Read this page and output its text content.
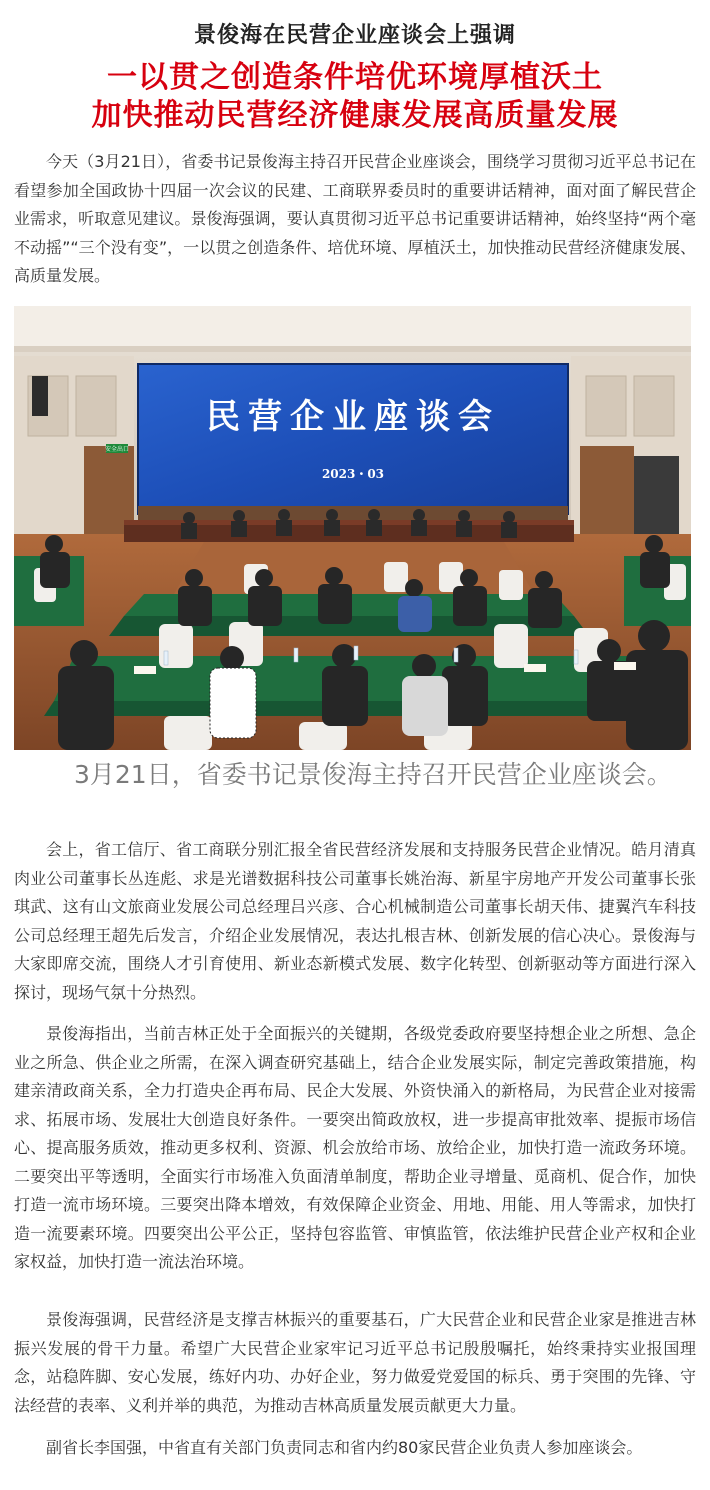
景俊海在民营企业座谈会上强调
一以贯之创造条件培优环境厚植沃土
加快推动民营经济健康发展高质量发展

今天（3月21日），省委书记景俊海主持召开民营企业座谈会，围绕学习贯彻习近平总书记在看望参加全国政协十四届一次会议的民建、工商联界委员时的重要讲话精神，面对面了解民营企业需求，听取意见建议。景俊海强调，要认真贯彻习近平总书记重要讲话精神，始终坚持“两个毫不动摇”“三个没有变”，一以贯之创造条件、培优环境、厚植沃土，加快推动民营经济健康发展、高质量发展。

安全出口
民营企业座谈会
2023・03

3月21日，省委书记景俊海主持召开民营企业座谈会。

会上，省工信厅、省工商联分别汇报全省民营经济发展和支持服务民营企业情况。皓月清真肉业公司董事长丛连彪、求是光谱数据科技公司董事长姚治海、新星宇房地产开发公司董事长张琪武、这有山文旅商业发展公司总经理吕兴彦、合心机械制造公司董事长胡天伟、捷翼汽车科技公司总经理王超先后发言，介绍企业发展情况，表达扎根吉林、创新发展的信心决心。景俊海与大家即席交流，围绕人才引育使用、新业态新模式发展、数字化转型、创新驱动等方面进行深入探讨，现场气氛十分热烈。

景俊海指出，当前吉林正处于全面振兴的关键期，各级党委政府要坚持想企业之所想、急企业之所急、供企业之所需，在深入调查研究基础上，结合企业发展实际，制定完善政策措施，构建亲清政商关系，全力打造央企再布局、民企大发展、外资快涌入的新格局，为民营企业对接需求、拓展市场、发展壮大创造良好条件。一要突出简政放权，进一步提高审批效率、提振市场信心、提高服务质效，推动更多权利、资源、机会放给市场、放给企业，加快打造一流政务环境。二要突出平等透明，全面实行市场准入负面清单制度，帮助企业寻增量、觅商机、促合作，加快打造一流市场环境。三要突出降本增效，有效保障企业资金、用地、用能、用人等需求，加快打造一流要素环境。四要突出公平公正，坚持包容监管、审慎监管，依法维护民营企业产权和企业家权益，加快打造一流法治环境。

景俊海强调，民营经济是支撑吉林振兴的重要基石，广大民营企业和民营企业家是推进吉林振兴发展的骨干力量。希望广大民营企业家牢记习近平总书记殷殷嘱托，始终秉持实业报国理念，站稳阵脚、安心发展，练好内功、办好企业，努力做爱党爱国的标兵、勇于突围的先锋、守法经营的表率、义利并举的典范，为推动吉林高质量发展贡献更大力量。

副省长李国强，中省直有关部门负责同志和省内约80家民营企业负责人参加座谈会。
